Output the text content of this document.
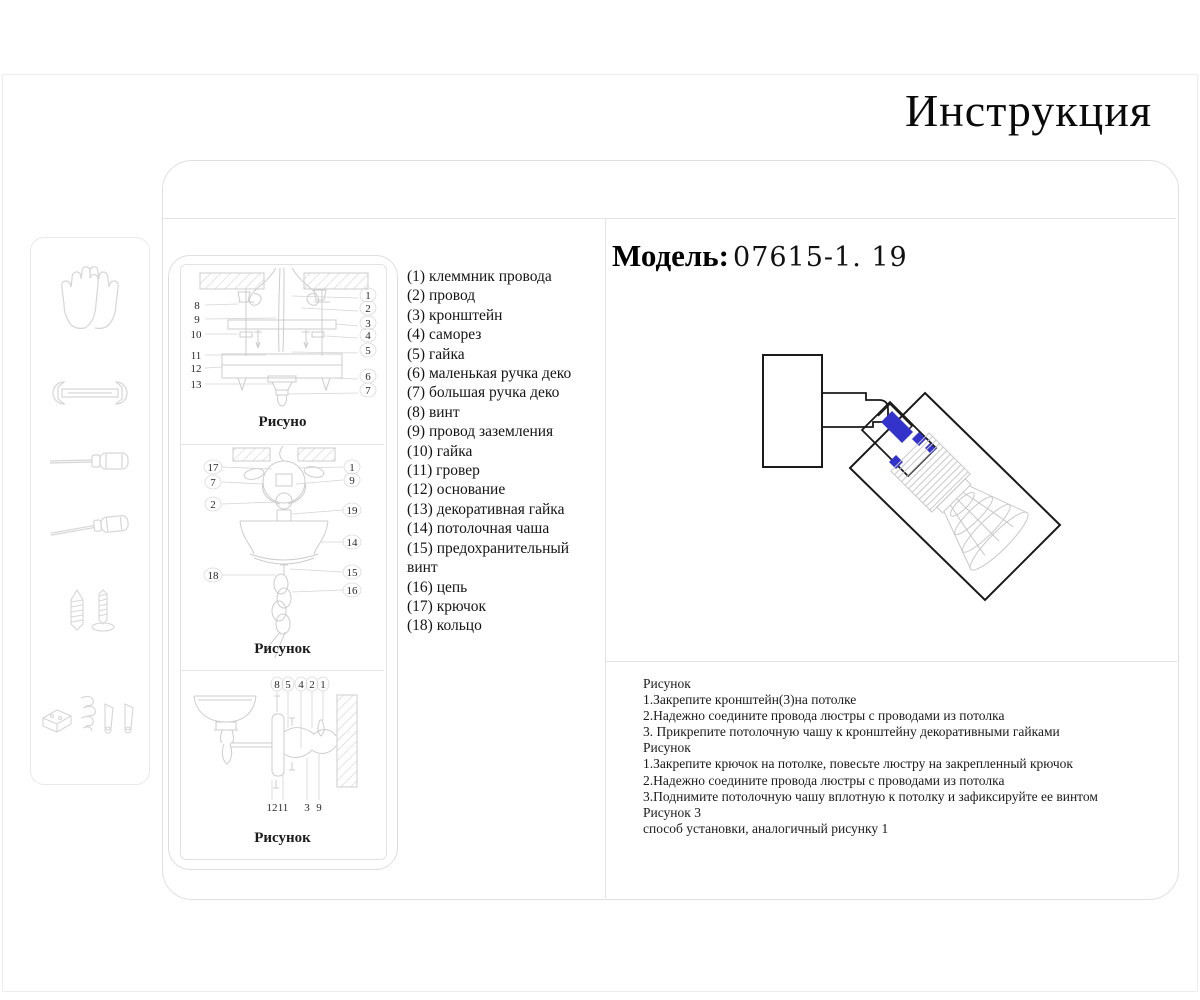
Инструкция
8
9
10
11
12
13
1
2
3
4
5
6
7
Рисуно
17
7
2
18
1
9
19
14
15
16
Рисунок
8 5 4 2 1
12 11 3 9
Рисунок
(1) клеммник провода
(2) провод
(3) кронштейн
(4) саморез
(5) гайка
(6) маленькая ручка деко
(7) большая ручка деко
(8) винт
(9) провод заземления
(10) гайка
(11) гровер
(12) основание
(13) декоративная гайка
(14) потолочная чаша
(15) предохранительный винт
(16) цепь
(17) крючок
(18) кольцо
Модель: 07615-1. 19
Рисунок
1.Закрепите кронштейн(3)на потолке
2.Надежно соедините провода люстры с проводами из потолка
3. Прикрепите потолочную чашу к кронштейну декоративными гайками
Рисунок
1.Закрепите крючок на потолке, повесьте люстру на закрепленный крючок
2.Надежно соедините провода люстры с проводами из потолка
3.Поднимите потолочную чашу вплотную к потолку и зафиксируйте ее винтом
Рисунок 3
способ установки, аналогичный рисунку 1
